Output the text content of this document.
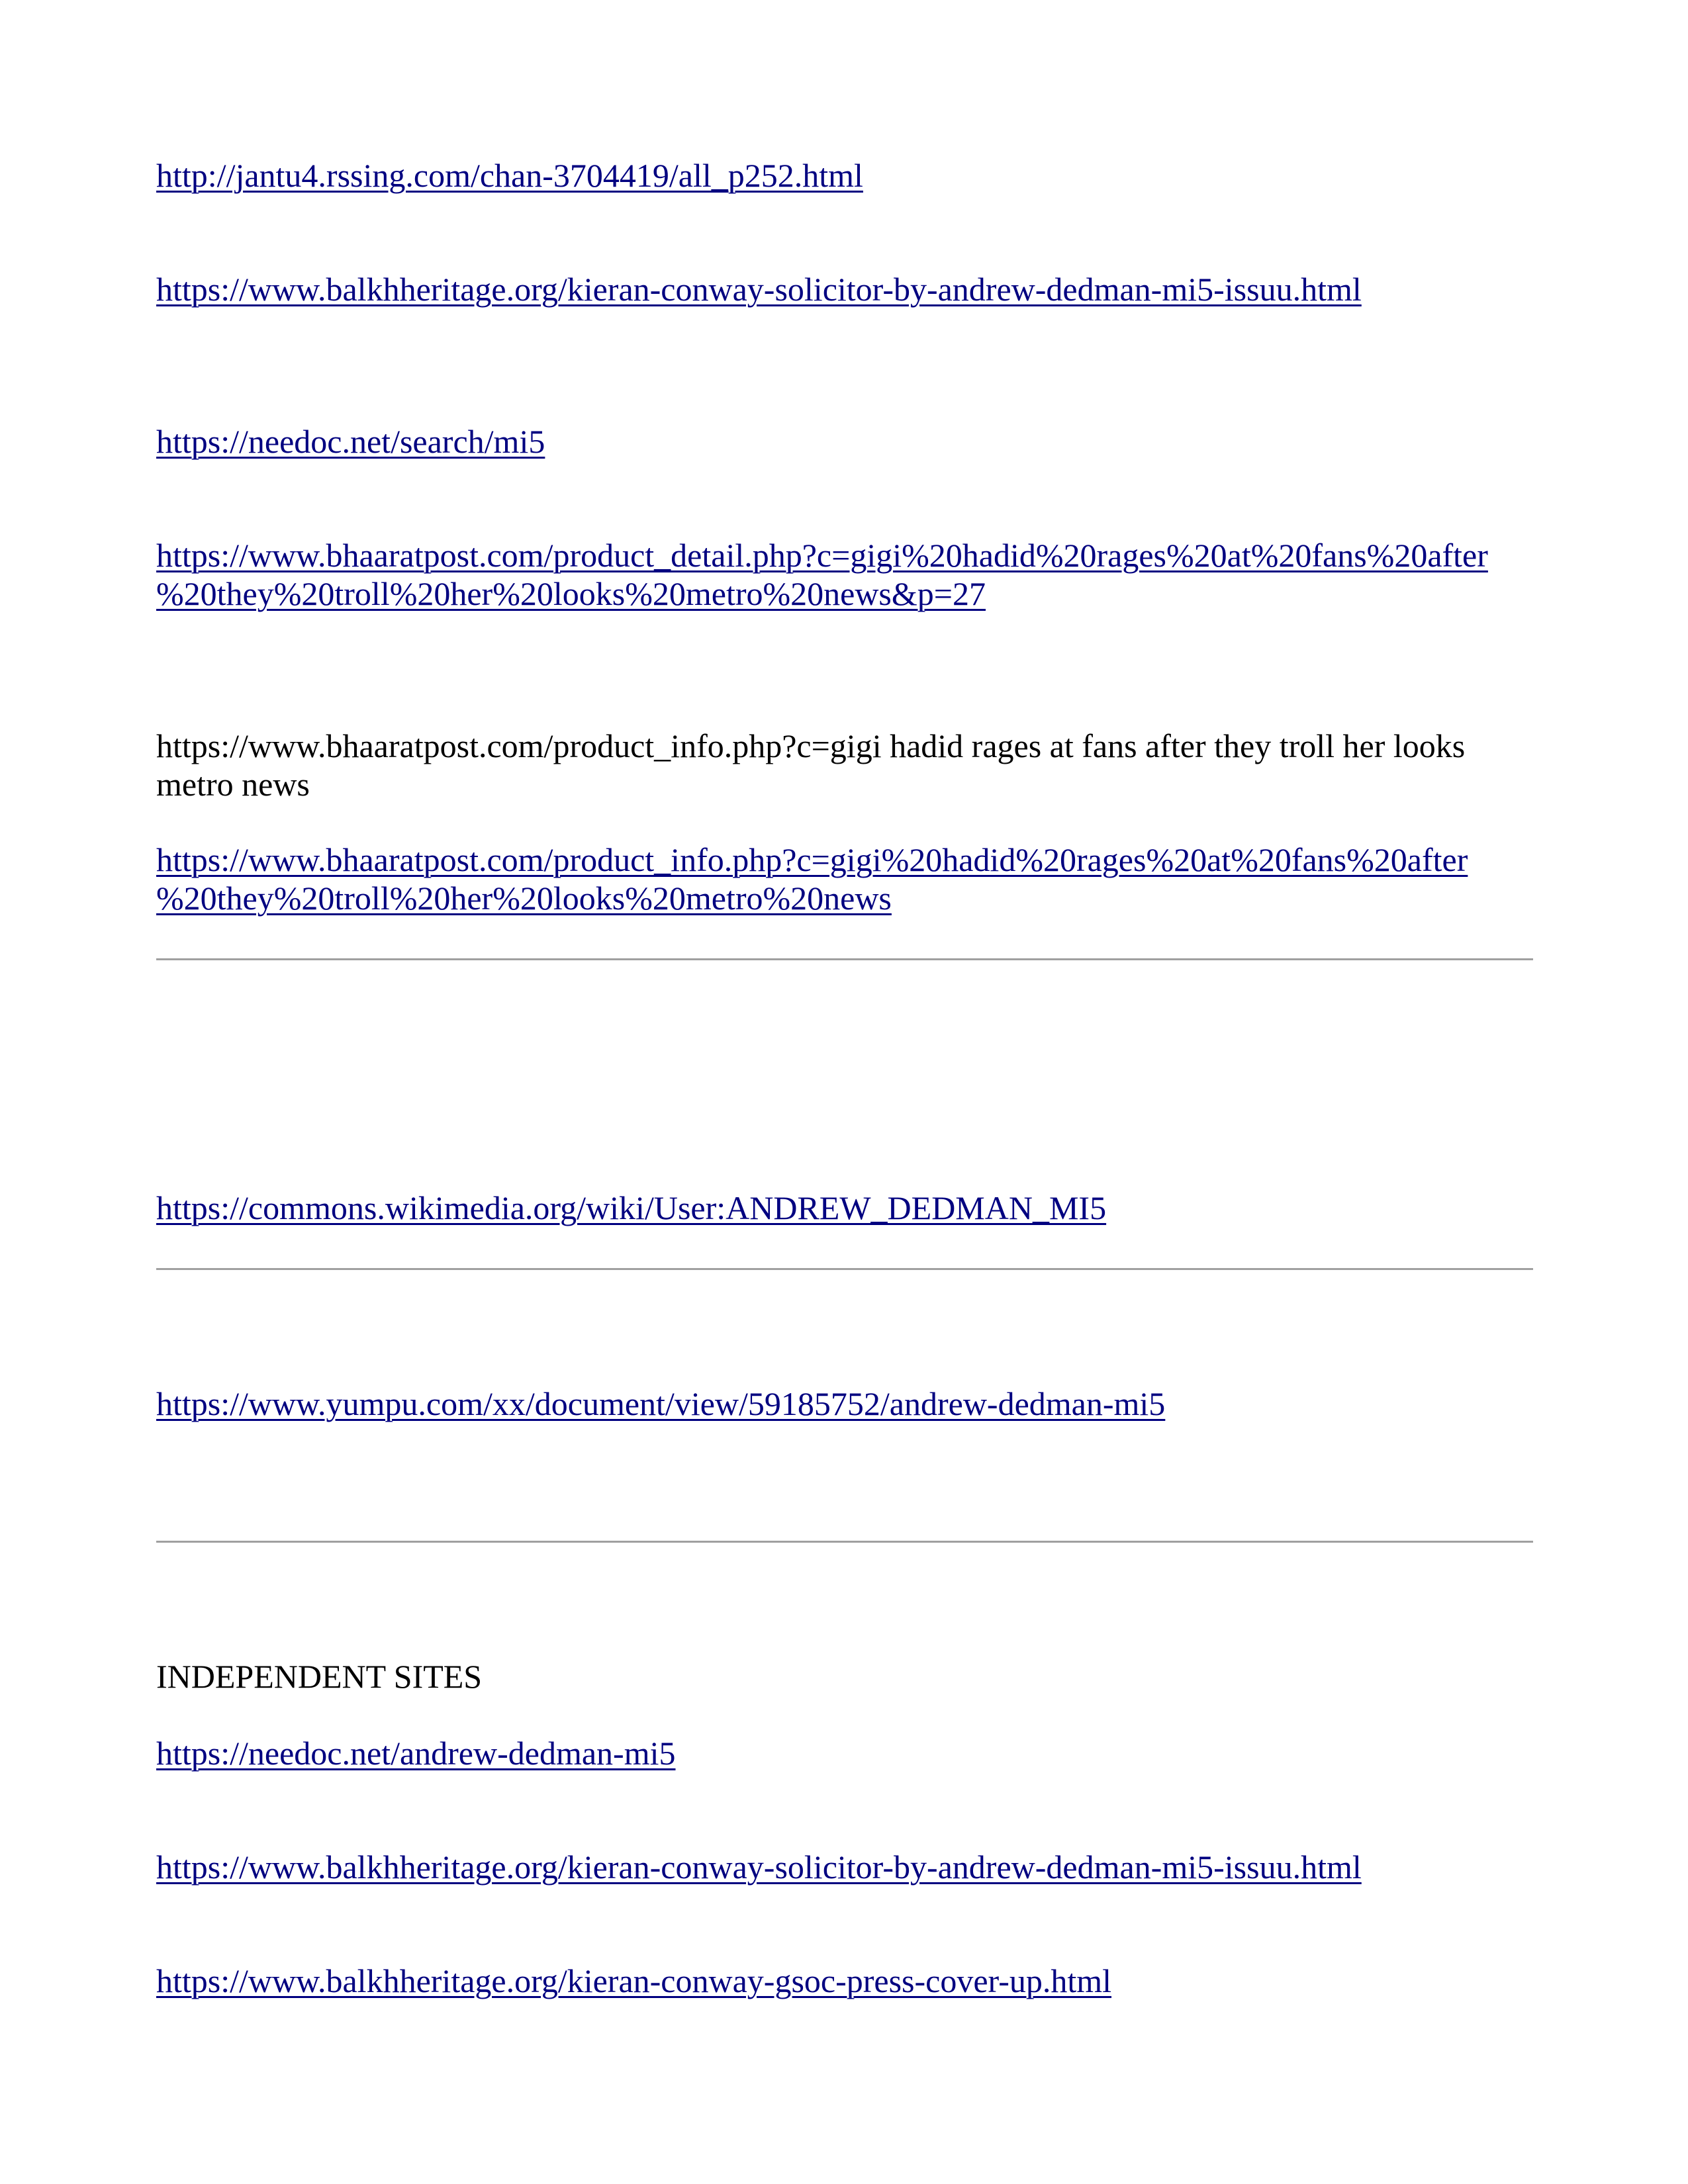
http://jantu4.rssing.com/chan-3704419/all_p252.html

https://www.balkhheritage.org/kieran-conway-solicitor-by-andrew-dedman-mi5-issuu.html

https://needoc.net/search/mi5

https://www.bhaaratpost.com/product_detail.php?c=gigi%20hadid%20rages%20at%20fans%20after
%20they%20troll%20her%20looks%20metro%20news&p=27

https://www.bhaaratpost.com/product_info.php?c=gigi hadid rages at fans after they troll her looks
metro news

https://www.bhaaratpost.com/product_info.php?c=gigi%20hadid%20rages%20at%20fans%20after
%20they%20troll%20her%20looks%20metro%20news

https://commons.wikimedia.org/wiki/User:ANDREW_DEDMAN_MI5

https://www.yumpu.com/xx/document/view/59185752/andrew-dedman-mi5

INDEPENDENT SITES

https://needoc.net/andrew-dedman-mi5

https://www.balkhheritage.org/kieran-conway-solicitor-by-andrew-dedman-mi5-issuu.html

https://www.balkhheritage.org/kieran-conway-gsoc-press-cover-up.html
